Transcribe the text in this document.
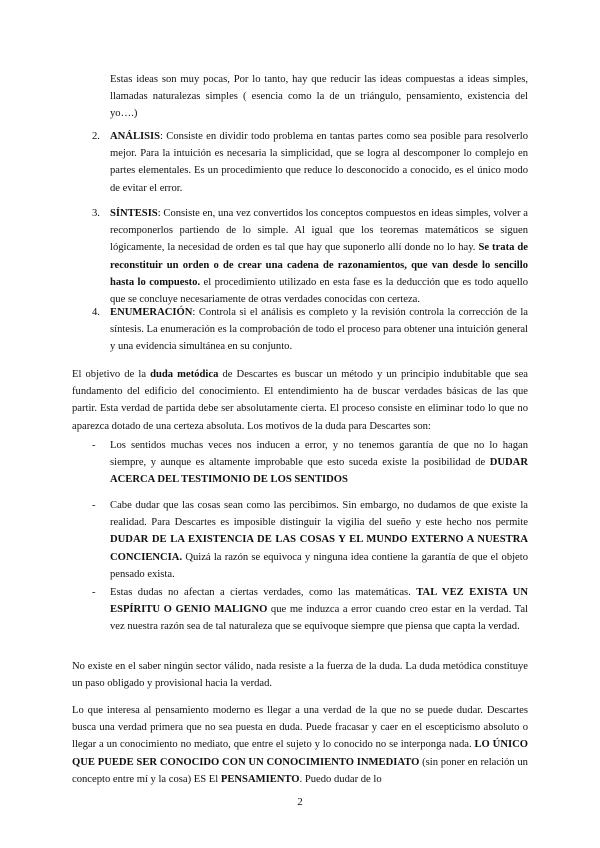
Estas ideas son muy pocas, Por lo tanto, hay que reducir las ideas compuestas a ideas simples, llamadas naturalezas simples ( esencia como la de un triángulo, pensamiento, existencia del yo….)

2. ANÁLISIS: Consiste en dividir todo problema en tantas partes como sea posible para resolverlo mejor. Para la intuición es necesaria la simplicidad, que se logra al descomponer lo complejo en partes elementales. Es un procedimiento que reduce lo desconocido a conocido, es el único modo de evitar el error.

3. SÍNTESIS: Consiste en, una vez convertidos los conceptos compuestos en ideas simples, volver a recomponerlos partiendo de lo simple. Al igual que los teoremas matemáticos se siguen lógicamente, la necesidad de orden es tal que hay que suponerlo allí donde no lo hay. Se trata de reconstituir un orden o de crear una cadena de razonamientos, que van desde lo sencillo hasta lo compuesto. el procedimiento utilizado en esta fase es la deducción que es todo aquello que se concluye necesariamente de otras verdades conocidas con certeza.

4. ENUMERACIÓN: Controla si el análisis es completo y la revisión controla la corrección de la síntesis. La enumeración es la comprobación de todo el proceso para obtener una intuición general y una evidencia simultánea en su conjunto.

El objetivo de la duda metódica de Descartes es buscar un método y un principio indubitable que sea fundamento del edificio del conocimiento. El entendimiento ha de buscar verdades básicas de las que partir. Esta verdad de partida debe ser absolutamente cierta. El proceso consiste en eliminar todo lo que no aparezca dotado de una certeza absoluta. Los motivos de la duda para Descartes son:

- Los sentidos muchas veces nos inducen a error, y no tenemos garantía de que no lo hagan siempre, y aunque es altamente improbable que esto suceda existe la posibilidad de DUDAR ACERCA DEL TESTIMONIO DE LOS SENTIDOS

- Cabe dudar que las cosas sean como las percibimos. Sin embargo, no dudamos de que existe la realidad. Para Descartes es imposible distinguir la vigilia del sueño y este hecho nos permite DUDAR DE LA EXISTENCIA DE LAS COSAS Y EL MUNDO EXTERNO A NUESTRA CONCIENCIA. Quizá la razón se equivoca y ninguna idea contiene la garantía de que el objeto pensado exista.

- Estas dudas no afectan a ciertas verdades, como las matemáticas. TAL VEZ EXISTA UN ESPÍRITU O GENIO MALIGNO que me induzca a error cuando creo estar en la verdad. Tal vez nuestra razón sea de tal naturaleza que se equivoque siempre que piensa que capta la verdad.

No existe en el saber ningún sector válido, nada resiste a la fuerza de la duda. La duda metódica constituye un paso obligado y provisional hacia la verdad.

Lo que interesa al pensamiento moderno es llegar a una verdad de la que no se puede dudar. Descartes busca una verdad primera que no sea puesta en duda. Puede fracasar y caer en el escepticismo absoluto o llegar a un conocimiento no mediato, que entre el sujeto y lo conocido no se interponga nada. LO ÚNICO QUE PUEDE SER CONOCIDO CON UN CONOCIMIENTO INMEDIATO (sin poner en relación un concepto entre mí y la cosa) ES El PENSAMIENTO. Puedo dudar de lo

2
